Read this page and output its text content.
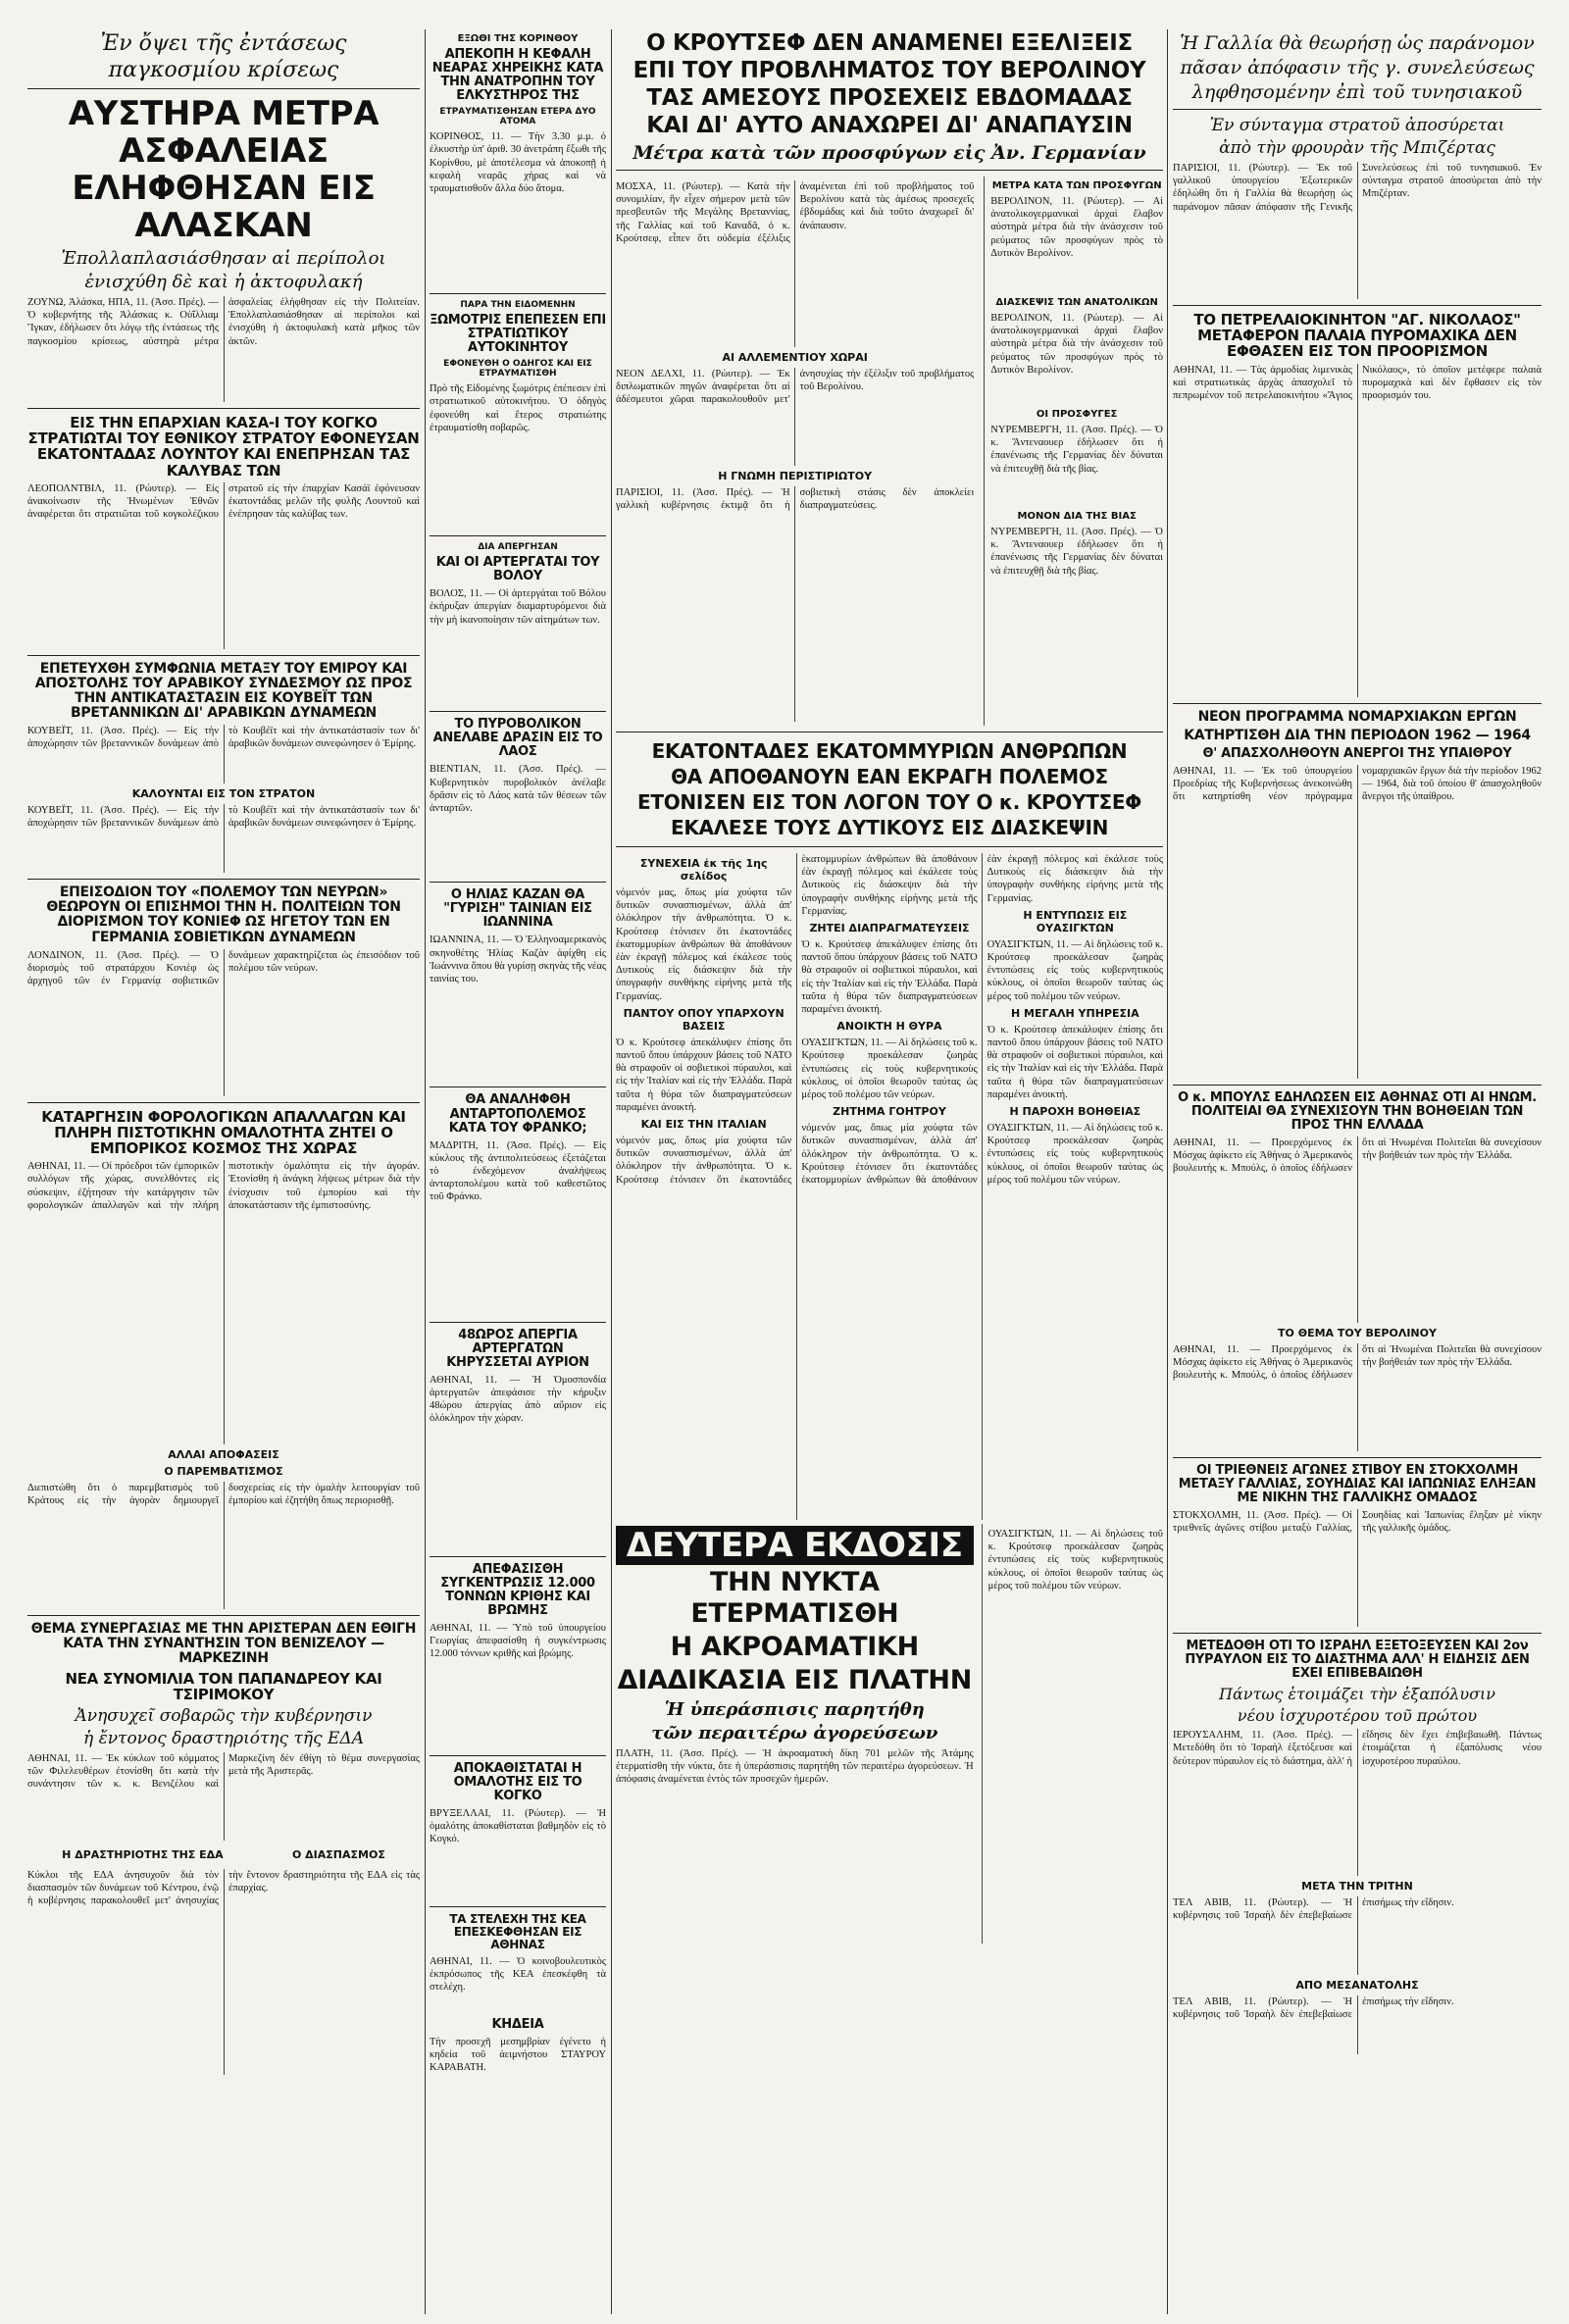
Ἐν ὄψει τῆς ἐντάσεως
παγκοσμίου κρίσεως
ΑΥΣΤΗΡΑ ΜΕΤΡΑ ΑΣΦΑΛΕΙΑΣ ΕΛΗΦΘΗΣΑΝ ΕΙΣ ΑΛΑΣΚΑΝ
Ἐπολλαπλασιάσθησαν αἱ περίπολοι
ἐνισχύθη δὲ καὶ ἡ ἀκτοφυλακή
ΖΟΥΝΩ, Ἀλάσκα, ΗΠΑ, 11. (Ἀσσ. Πρές). — Ὁ κυβερνήτης τῆς Ἀλάσκας κ. Οὐΐλλιαμ Ἴγκαν, ἐδήλωσεν ὅτι λόγῳ τῆς ἐντάσεως τῆς παγκοσμίου κρίσεως, αὐστηρὰ μέτρα ἀσφαλείας ἐλήφθησαν εἰς τὴν Πολιτείαν. Ἐπολλαπλασιάσθησαν αἱ περίπολοι καὶ ἐνισχύθη ἡ ἀκτοφυλακὴ κατὰ μῆκος τῶν ἀκτῶν.
ΕΙΣ ΤΗΝ ΕΠΑΡΧΙΑΝ ΚΑΣΑ-Ι ΤΟΥ ΚΟΓΚΟ ΣΤΡΑΤΙΩΤΑΙ ΤΟΥ ΕΘΝΙΚΟΥ ΣΤΡΑΤΟΥ ΕΦΟΝΕΥΣΑΝ ΕΚΑΤΟΝΤΑΔΑΣ ΛΟΥΝΤΟΥ ΚΑΙ ΕΝΕΠΡΗΣΑΝ ΤΑΣ ΚΑΛΥΒΑΣ ΤΩΝ
ΛΕΟΠΟΛΝΤΒΙΛ, 11. (Ρώυτερ). — Εἰς ἀνακοίνωσιν τῆς Ἡνωμένων Ἐθνῶν ἀναφέρεται ὅτι στρατιῶται τοῦ κογκολέζικου στρατοῦ εἰς τὴν ἐπαρχίαν Κασάϊ ἐφόνευσαν ἑκατοντάδας μελῶν τῆς φυλῆς Λουντοῦ καὶ ἐνέπρησαν τὰς καλύβας των.
ΕΠΕΤΕΥΧΘΗ ΣΥΜΦΩΝΙΑ ΜΕΤΑΞΥ ΤΟΥ ΕΜΙΡΟΥ ΚΑΙ ΑΠΟΣΤΟΛΗΣ ΤΟΥ ΑΡΑΒΙΚΟΥ ΣΥΝΔΕΣΜΟΥ ΩΣ ΠΡΟΣ ΤΗΝ ΑΝΤΙΚΑΤΑΣΤΑΣΙΝ ΕΙΣ ΚΟΥΒΕΪΤ ΤΩΝ ΒΡΕΤΑΝΝΙΚΩΝ ΔΙ' ΑΡΑΒΙΚΩΝ ΔΥΝΑΜΕΩΝ
ΚΟΥΒΕΪΤ, 11. (Ἀσσ. Πρές). — Εἰς τὴν ἀποχώρησιν τῶν βρεταννικῶν δυνάμεων ἀπὸ τὸ Κουβέϊτ καὶ τὴν ἀντικατάστασίν των δι' ἀραβικῶν δυνάμεων συνεφώνησεν ὁ Ἐμίρης.
ΚΑΛΟΥΝΤΑΙ ΕΙΣ ΤΟΝ ΣΤΡΑΤΟΝ
ΚΟΥΒΕΪΤ, 11. (Ἀσσ. Πρές). — Εἰς τὴν ἀποχώρησιν τῶν βρεταννικῶν δυνάμεων ἀπὸ τὸ Κουβέϊτ καὶ τὴν ἀντικατάστασίν των δι' ἀραβικῶν δυνάμεων συνεφώνησεν ὁ Ἐμίρης.
ΕΠΕΙΣΟΔΙΟΝ ΤΟΥ «ΠΟΛΕΜΟΥ ΤΩΝ ΝΕΥΡΩΝ» ΘΕΩΡΟΥΝ ΟΙ ΕΠΙΣΗΜΟΙ ΤΗΝ Η. ΠΟΛΙΤΕΙΩΝ ΤΟΝ ΔΙΟΡΙΣΜΟΝ ΤΟΥ ΚΟΝΙΕΦ ΩΣ ΗΓΕΤΟΥ ΤΩΝ ΕΝ ΓΕΡΜΑΝΙΑ ΣΟΒΙΕΤΙΚΩΝ ΔΥΝΑΜΕΩΝ
ΛΟΝΔΙΝΟΝ, 11. (Ἀσσ. Πρές). — Ὁ διορισμὸς τοῦ στρατάρχου Κονιὲφ ὡς ἀρχηγοῦ τῶν ἐν Γερμανίᾳ σοβιετικῶν δυνάμεων χαρακτηρίζεται ὡς ἐπεισόδιον τοῦ πολέμου τῶν νεύρων.
ΚΑΤΑΡΓΗΣΙΝ ΦΟΡΟΛΟΓΙΚΩΝ ΑΠΑΛΛΑΓΩΝ ΚΑΙ ΠΛΗΡΗ ΠΙΣΤΟΤΙΚΗΝ ΟΜΑΛΟΤΗΤΑ ΖΗΤΕΙ Ο ΕΜΠΟΡΙΚΟΣ ΚΟΣΜΟΣ ΤΗΣ ΧΩΡΑΣ
ΑΘΗΝΑΙ, 11. — Οἱ πρόεδροι τῶν ἐμπορικῶν συλλόγων τῆς χώρας, συνελθόντες εἰς σύσκεψιν, ἐζήτησαν τὴν κατάργησιν τῶν φορολογικῶν ἀπαλλαγῶν καὶ τὴν πλήρη πιστοτικὴν ὁμαλότητα εἰς τὴν ἀγοράν. Ἐτονίσθη ἡ ἀνάγκη λήψεως μέτρων διὰ τὴν ἐνίσχυσιν τοῦ ἐμπορίου καὶ τὴν ἀποκατάστασιν τῆς ἐμπιστοσύνης.
ΑΛΛΑΙ ΑΠΟΦΑΣΕΙΣ
Ο ΠΑΡΕΜΒΑΤΙΣΜΟΣ
Διεπιστώθη ὅτι ὁ παρεμβατισμὸς τοῦ Κράτους εἰς τὴν ἀγορὰν δημιουργεῖ δυσχερείας εἰς τὴν ὁμαλὴν λειτουργίαν τοῦ ἐμπορίου καὶ ἐζητήθη ὅπως περιορισθῇ.
ΘΕΜΑ ΣΥΝΕΡΓΑΣΙΑΣ ΜΕ ΤΗΝ ΑΡΙΣΤΕΡΑΝ ΔΕΝ ΕΘΙΓΗ ΚΑΤΑ ΤΗΝ ΣΥΝΑΝΤΗΣΙΝ ΤΟΝ ΒΕΝΙΖΕΛΟΥ — ΜΑΡΚΕΖΙΝΗ
ΝΕΑ ΣΥΝΟΜΙΛΙΑ ΤΟΝ ΠΑΠΑΝΔΡΕΟΥ ΚΑΙ ΤΣΙΡΙΜΟΚΟΥ
Ἀνησυχεῖ σοβαρῶς τὴν κυβέρνησιν
ἡ ἔντονος δραστηριότης τῆς ΕΔΑ
ΑΘΗΝΑΙ, 11. — Ἐκ κύκλων τοῦ κόμματος τῶν Φιλελευθέρων ἐτονίσθη ὅτι κατὰ τὴν συνάντησιν τῶν κ. κ. Βενιζέλου καὶ Μαρκεζίνη δὲν ἐθίγη τὸ θέμα συνεργασίας μετὰ τῆς Ἀριστερᾶς.
Η ΔΡΑΣΤΗΡΙΟΤΗΣ ΤΗΣ ΕΔΑ	Ο ΔΙΑΣΠΑΣΜΟΣ
Κύκλοι τῆς ΕΔΑ ἀνησυχοῦν διὰ τὸν διασπασμὸν τῶν δυνάμεων τοῦ Κέντρου, ἐνῷ ἡ κυβέρνησις παρακολουθεῖ μετ' ἀνησυχίας τὴν ἔντονον δραστηριότητα τῆς ΕΔΑ εἰς τὰς ἐπαρχίας.
ΕΞΩΘΙ ΤΗΣ ΚΟΡΙΝΘΟΥ
ΑΠΕΚΟΠΗ Η ΚΕΦΑΛΗ ΝΕΑΡΑΣ ΧΗΡΕΙΚΗΣ ΚΑΤΑ ΤΗΝ ΑΝΑΤΡΟΠΗΝ ΤΟΥ ΕΛΚΥΣΤΗΡΟΣ ΤΗΣ
ΕΤΡΑΥΜΑΤΙΣΘΗΣΑΝ ΕΤΕΡΑ ΔΥΟ ΑΤΟΜΑ
ΚΟΡΙΝΘΟΣ, 11. — Τὴν 3.30 μ.μ. ὁ ἐλκυστὴρ ὑπ' ἀριθ. 30 ἀνετράπη ἔξωθι τῆς Κορίνθου, μὲ ἀποτέλεσμα νὰ ἀποκοπῇ ἡ κεφαλὴ νεαρᾶς χήρας καὶ νὰ τραυματισθοῦν ἄλλα δύο ἄτομα.
ΠΑΡΑ ΤΗΝ ΕΙΔΟΜΕΝΗΝ
ΞΩΜΟΤΡΙΣ ΕΠΕΠΕΣΕΝ ΕΠΙ ΣΤΡΑΤΙΩΤΙΚΟΥ ΑΥΤΟΚΙΝΗΤΟΥ
ΕΦΟΝΕΥΘΗ Ο ΟΔΗΓΟΣ ΚΑΙ ΕΙΣ ΕΤΡΑΥΜΑΤΙΣΘΗ
Πρὸ τῆς Εἰδομένης ξωμότρις ἐπέπεσεν ἐπὶ στρατιωτικοῦ αὐτοκινήτου. Ὁ ὁδηγὸς ἐφονεύθη καὶ ἕτερος στρατιώτης ἐτραυματίσθη σοβαρῶς.
ΔΙΑ ΑΠΕΡΓΗΣΑΝ
ΚΑΙ ΟΙ ΑΡΤΕΡΓΑΤΑΙ ΤΟΥ ΒΟΛΟΥ
ΒΟΛΟΣ, 11. — Οἱ ἀρτεργάται τοῦ Βόλου ἐκήρυξαν ἀπεργίαν διαμαρτυρόμενοι διὰ τὴν μὴ ἱκανοποίησιν τῶν αἰτημάτων των.
ΤΟ ΠΥΡΟΒΟΛΙΚΟΝ ΑΝΕΛΑΒΕ ΔΡΑΣΙΝ ΕΙΣ ΤΟ ΛΑΟΣ
ΒΙΕΝΤΙΑΝ, 11. (Ἀσσ. Πρές). — Κυβερνητικὸν πυροβολικὸν ἀνέλαβε δρᾶσιν εἰς τὸ Λάος κατὰ τῶν θέσεων τῶν ἀνταρτῶν.
Ο ΗΛΙΑΣ ΚΑΖΑΝ ΘΑ "ΓΥΡΙΣΗ" ΤΑΙΝΙΑΝ ΕΙΣ ΙΩΑΝΝΙΝΑ
ΙΩΑΝΝΙΝΑ, 11. — Ὁ Ἑλληνοαμερικανὸς σκηνοθέτης Ἠλίας Καζὰν ἀφίχθη εἰς Ἰωάννινα ὅπου θὰ γυρίσῃ σκηνὰς τῆς νέας ταινίας του.
ΘΑ ΑΝΑΛΗΦΘΗ ΑΝΤΑΡΤΟΠΟΛΕΜΟΣ ΚΑΤΑ ΤΟΥ ΦΡΑΝΚΟ;
ΜΑΔΡΙΤΗ, 11. (Ἀσσ. Πρές). — Εἰς κύκλους τῆς ἀντιπολιτεύσεως ἐξετάζεται τὸ ἐνδεχόμενον ἀναλήψεως ἀνταρτοπολέμου κατὰ τοῦ καθεστῶτος τοῦ Φράνκο.
48ΩΡΟΣ ΑΠΕΡΓΙΑ ΑΡΤΕΡΓΑΤΩΝ ΚΗΡΥΣΣΕΤΑΙ ΑΥΡΙΟΝ
ΑΘΗΝΑΙ, 11. — Ἡ Ὁμοσπονδία ἀρτεργατῶν ἀπεφάσισε τὴν κήρυξιν 48ώρου ἀπεργίας ἀπὸ αὔριον εἰς ὁλόκληρον τὴν χώραν.
ΑΠΕΦΑΣΙΣΘΗ ΣΥΓΚΕΝΤΡΩΣΙΣ 12.000 ΤΟΝΝΩΝ ΚΡΙΘΗΣ ΚΑΙ ΒΡΩΜΗΣ
ΑΘΗΝΑΙ, 11. — Ὑπὸ τοῦ ὑπουργείου Γεωργίας ἀπεφασίσθη ἡ συγκέντρωσις 12.000 τόννων κριθῆς καὶ βρώμης.
ΑΠΟΚΑΘΙΣΤΑΤΑΙ Η ΟΜΑΛΟΤΗΣ ΕΙΣ ΤΟ ΚΟΓΚΟ
ΒΡΥΞΕΛΛΑΙ, 11. (Ρώυτερ). — Ἡ ὁμαλότης ἀποκαθίσταται βαθμηδὸν εἰς τὸ Κογκό.
ΤΑ ΣΤΕΛΕΧΗ ΤΗΣ ΚΕΑ ΕΠΕΣΚΕΦΘΗΣΑΝ ΕΙΣ ΑΘΗΝΑΣ
ΑΘΗΝΑΙ, 11. — Ὁ κοινοβουλευτικὸς ἐκπρόσωπος τῆς ΚΕΑ ἐπεσκέφθη τὰ στελέχη.
ΚΗΔΕΙΑ
Τὴν προσεχῆ μεσημβρίαν ἐγένετο ἡ κηδεία τοῦ ἀειμνήστου ΣΤΑΥΡΟΥ ΚΑΡΑΒΑΤΗ.
Ο ΚΡΟΥΤΣΕΦ ΔΕΝ ΑΝΑΜΕΝΕΙ ΕΞΕΛΙΞΕΙΣ
ΕΠΙ ΤΟΥ ΠΡΟΒΛΗΜΑΤΟΣ ΤΟΥ ΒΕΡΟΛΙΝΟΥ
ΤΑΣ ΑΜΕΣΟΥΣ ΠΡΟΣΕΧΕΙΣ ΕΒΔΟΜΑΔΑΣ
ΚΑΙ ΔΙ' ΑΥΤΟ ΑΝΑΧΩΡΕΙ ΔΙ' ΑΝΑΠΑΥΣΙΝ
Μέτρα κατὰ τῶν προσφύγων εἰς Ἀν. Γερμανίαν
ΜΟΣΧΑ, 11. (Ρώυτερ). — Κατὰ τὴν συνομιλίαν, ἣν εἶχεν σήμερον μετὰ τῶν πρεσβευτῶν τῆς Μεγάλης Βρεταννίας, τῆς Γαλλίας καὶ τοῦ Καναδᾶ, ὁ κ. Κρούτσεφ, εἶπεν ὅτι οὐδεμία ἐξέλιξις ἀναμένεται ἐπὶ τοῦ προβλήματος τοῦ Βερολίνου κατὰ τὰς ἀμέσως προσεχεῖς ἑβδομάδας καὶ διὰ τοῦτο ἀναχωρεῖ δι' ἀνάπαυσιν.
ΑΙ ΑΛΛΕΜΕΝΤΙΟΥ ΧΩΡΑΙ
ΝΕΟΝ ΔΕΛΧΙ, 11. (Ρώυτερ). — Ἐκ διπλωματικῶν πηγῶν ἀναφέρεται ὅτι αἱ ἀδέσμευτοι χῶραι παρακολουθοῦν μετ' ἀνησυχίας τὴν ἐξέλιξιν τοῦ προβλήματος τοῦ Βερολίνου.
Η ΓΝΩΜΗ ΠΕΡΙΣΤΙΡΙΩΤΟΥ
ΠΑΡΙΣΙΟΙ, 11. (Ἀσσ. Πρές). — Ἡ γαλλικὴ κυβέρνησις ἐκτιμᾷ ὅτι ἡ σοβιετικὴ στάσις δὲν ἀποκλείει διαπραγματεύσεις.
ΜΕΤΡΑ ΚΑΤΑ ΤΩΝ ΠΡΟΣΦΥΓΩΝ
ΒΕΡΟΛΙΝΟΝ, 11. (Ρώυτερ). — Αἱ ἀνατολικογερμανικαὶ ἀρχαὶ ἔλαβον αὐστηρὰ μέτρα διὰ τὴν ἀνάσχεσιν τοῦ ρεύματος τῶν προσφύγων πρὸς τὸ Δυτικὸν Βερολίνον.
ΔΙΑΣΚΕΨΙΣ ΤΩΝ ΑΝΑΤΟΛΙΚΩΝ
ΒΕΡΟΛΙΝΟΝ, 11. (Ρώυτερ). — Αἱ ἀνατολικογερμανικαὶ ἀρχαὶ ἔλαβον αὐστηρὰ μέτρα διὰ τὴν ἀνάσχεσιν τοῦ ρεύματος τῶν προσφύγων πρὸς τὸ Δυτικὸν Βερολίνον.
ΟΙ ΠΡΟΣΦΥΓΕΣ
ΝΥΡΕΜΒΕΡΓΗ, 11. (Ἀσσ. Πρές). — Ὁ κ. Ἄντεναουερ ἐδήλωσεν ὅτι ἡ ἐπανένωσις τῆς Γερμανίας δὲν δύναται νὰ ἐπιτευχθῇ διὰ τῆς βίας.
ΜΟΝΟΝ ΔΙΑ ΤΗΣ ΒΙΑΣ
ΝΥΡΕΜΒΕΡΓΗ, 11. (Ἀσσ. Πρές). — Ὁ κ. Ἄντεναουερ ἐδήλωσεν ὅτι ἡ ἐπανένωσις τῆς Γερμανίας δὲν δύναται νὰ ἐπιτευχθῇ διὰ τῆς βίας.
ΕΚΑΤΟΝΤΑΔΕΣ ΕΚΑΤΟΜΜΥΡΙΩΝ ΑΝΘΡΩΠΩΝ
ΘΑ ΑΠΟΘΑΝΟΥΝ ΕΑΝ ΕΚΡΑΓΗ ΠΟΛΕΜΟΣ
ΕΤΟΝΙΣΕΝ ΕΙΣ ΤΟΝ ΛΟΓΟΝ ΤΟΥ Ο κ. ΚΡΟΥΤΣΕΦ
ΕΚΑΛΕΣΕ ΤΟΥΣ ΔΥΤΙΚΟΥΣ ΕΙΣ ΔΙΑΣΚΕΨΙΝ
ΣΥΝΕΧΕΙΑ ἐκ τῆς 1ης σελίδος
νόμενόν μας, ὅπως μία χούφτα τῶν δυτικῶν συνασπισμένων, ἀλλὰ ἀπ' ὁλόκληρον τὴν ἀνθρωπότητα. Ὁ κ. Κρούτσεφ ἐτόνισεν ὅτι ἑκατοντάδες ἑκατομμυρίων ἀνθρώπων θὰ ἀποθάνουν ἐὰν ἐκραγῇ πόλεμος καὶ ἐκάλεσε τοὺς Δυτικοὺς εἰς διάσκεψιν διὰ τὴν ὑπογραφὴν συνθήκης εἰρήνης μετὰ τῆς Γερμανίας.
ΠΑΝΤΟΥ ΟΠΟΥ ΥΠΑΡΧΟΥΝ ΒΑΣΕΙΣ
Ὁ κ. Κρούτσεφ ἀπεκάλυψεν ἐπίσης ὅτι παντοῦ ὅπου ὑπάρχουν βάσεις τοῦ ΝΑΤΟ θὰ στραφοῦν οἱ σοβιετικοὶ πύραυλοι, καὶ εἰς τὴν Ἰταλίαν καὶ εἰς τὴν Ἑλλάδα. Παρὰ ταῦτα ἡ θύρα τῶν διαπραγματεύσεων παραμένει ἀνοικτή.
ΚΑΙ ΕΙΣ ΤΗΝ ΙΤΑΛΙΑΝ
νόμενόν μας, ὅπως μία χούφτα τῶν δυτικῶν συνασπισμένων, ἀλλὰ ἀπ' ὁλόκληρον τὴν ἀνθρωπότητα. Ὁ κ. Κρούτσεφ ἐτόνισεν ὅτι ἑκατοντάδες ἑκατομμυρίων ἀνθρώπων θὰ ἀποθάνουν ἐὰν ἐκραγῇ πόλεμος καὶ ἐκάλεσε τοὺς Δυτικοὺς εἰς διάσκεψιν διὰ τὴν ὑπογραφὴν συνθήκης εἰρήνης μετὰ τῆς Γερμανίας.
ΖΗΤΕΙ ΔΙΑΠΡΑΓΜΑΤΕΥΣΕΙΣ
Ὁ κ. Κρούτσεφ ἀπεκάλυψεν ἐπίσης ὅτι παντοῦ ὅπου ὑπάρχουν βάσεις τοῦ ΝΑΤΟ θὰ στραφοῦν οἱ σοβιετικοὶ πύραυλοι, καὶ εἰς τὴν Ἰταλίαν καὶ εἰς τὴν Ἑλλάδα. Παρὰ ταῦτα ἡ θύρα τῶν διαπραγματεύσεων παραμένει ἀνοικτή.
ΑΝΟΙΚΤΗ Η ΘΥΡΑ
ΟΥΑΣΙΓΚΤΩΝ, 11. — Αἱ δηλώσεις τοῦ κ. Κρούτσεφ προεκάλεσαν ζωηρὰς ἐντυπώσεις εἰς τοὺς κυβερνητικοὺς κύκλους, οἱ ὁποῖοι θεωροῦν ταύτας ὡς μέρος τοῦ πολέμου τῶν νεύρων.
ΖΗΤΗΜΑ ΓΟΗΤΡΟΥ
νόμενόν μας, ὅπως μία χούφτα τῶν δυτικῶν συνασπισμένων, ἀλλὰ ἀπ' ὁλόκληρον τὴν ἀνθρωπότητα. Ὁ κ. Κρούτσεφ ἐτόνισεν ὅτι ἑκατοντάδες ἑκατομμυρίων ἀνθρώπων θὰ ἀποθάνουν ἐὰν ἐκραγῇ πόλεμος καὶ ἐκάλεσε τοὺς Δυτικοὺς εἰς διάσκεψιν διὰ τὴν ὑπογραφὴν συνθήκης εἰρήνης μετὰ τῆς Γερμανίας.
Η ΕΝΤΥΠΩΣΙΣ ΕΙΣ ΟΥΑΣΙΓΚΤΩΝ
ΟΥΑΣΙΓΚΤΩΝ, 11. — Αἱ δηλώσεις τοῦ κ. Κρούτσεφ προεκάλεσαν ζωηρὰς ἐντυπώσεις εἰς τοὺς κυβερνητικοὺς κύκλους, οἱ ὁποῖοι θεωροῦν ταύτας ὡς μέρος τοῦ πολέμου τῶν νεύρων.
Η ΜΕΓΑΛΗ ΥΠΗΡΕΣΙΑ
Ὁ κ. Κρούτσεφ ἀπεκάλυψεν ἐπίσης ὅτι παντοῦ ὅπου ὑπάρχουν βάσεις τοῦ ΝΑΤΟ θὰ στραφοῦν οἱ σοβιετικοὶ πύραυλοι, καὶ εἰς τὴν Ἰταλίαν καὶ εἰς τὴν Ἑλλάδα. Παρὰ ταῦτα ἡ θύρα τῶν διαπραγματεύσεων παραμένει ἀνοικτή.
Η ΠΑΡΟΧΗ ΒΟΗΘΕΙΑΣ
ΟΥΑΣΙΓΚΤΩΝ, 11. — Αἱ δηλώσεις τοῦ κ. Κρούτσεφ προεκάλεσαν ζωηρὰς ἐντυπώσεις εἰς τοὺς κυβερνητικοὺς κύκλους, οἱ ὁποῖοι θεωροῦν ταύτας ὡς μέρος τοῦ πολέμου τῶν νεύρων.
ΔΕΥΤΕΡΑ ΕΚΔΟΣΙΣ
ΤΗΝ ΝΥΚΤΑ ΕΤΕΡΜΑΤΙΣΘΗ
Η ΑΚΡΟΑΜΑΤΙΚΗ
ΔΙΑΔΙΚΑΣΙΑ ΕΙΣ ΠΛΑΤΗΝ
Ἡ ὑπεράσπισις παρητήθη
τῶν περαιτέρω ἀγορεύσεων
ΠΛΑΤΗ, 11. (Ἀσσ. Πρές). — Ἡ ἀκροαματικὴ δίκη 701 μελῶν τῆς Ἀτάμης ἐτερματίσθη τὴν νύκτα, ὅτε ἡ ὑπεράσπισις παρητήθη τῶν περαιτέρω ἀγορεύσεων. Ἡ ἀπόφασις ἀναμένεται ἐντὸς τῶν προσεχῶν ἡμερῶν.
ΟΥΑΣΙΓΚΤΩΝ, 11. — Αἱ δηλώσεις τοῦ κ. Κρούτσεφ προεκάλεσαν ζωηρὰς ἐντυπώσεις εἰς τοὺς κυβερνητικοὺς κύκλους, οἱ ὁποῖοι θεωροῦν ταύτας ὡς μέρος τοῦ πολέμου τῶν νεύρων.
Ἡ Γαλλία θὰ θεωρήσῃ ὡς παράνομον
πᾶσαν ἀπόφασιν τῆς γ. συνελεύσεως
ληφθησομένην ἐπὶ τοῦ τυνησιακοῦ
Ἐν σύνταγμα στρατοῦ ἀποσύρεται
ἀπὸ τὴν φρουρὰν τῆς Μπιζέρτας
ΠΑΡΙΣΙΟΙ, 11. (Ρώυτερ). — Ἐκ τοῦ γαλλικοῦ ὑπουργείου Ἐξωτερικῶν ἐδηλώθη ὅτι ἡ Γαλλία θὰ θεωρήσῃ ὡς παράνομον πᾶσαν ἀπόφασιν τῆς Γενικῆς Συνελεύσεως ἐπὶ τοῦ τυνησιακοῦ. Ἐν σύνταγμα στρατοῦ ἀποσύρεται ἀπὸ τὴν Μπιζέρταν.
ΤΟ ΠΕΤΡΕΛΑΙΟΚΙΝΗΤΟΝ "ΑΓ. ΝΙΚΟΛΑΟΣ" ΜΕΤΑΦΕΡΟΝ ΠΑΛΑΙΑ ΠΥΡΟΜΑΧΙΚΑ ΔΕΝ ΕΦΘΑΣΕΝ ΕΙΣ ΤΟΝ ΠΡΟΟΡΙΣΜΟΝ
ΑΘΗΝΑΙ, 11. — Τὰς ἀρμοδίας λιμενικὰς καὶ στρατιωτικὰς ἀρχὰς ἀπασχολεῖ τὸ πεπρωμένον τοῦ πετρελαιοκινήτου «Ἅγιος Νικόλαος», τὸ ὁποῖον μετέφερε παλαιὰ πυρομαχικὰ καὶ δὲν ἔφθασεν εἰς τὸν προορισμόν του.
ΝΕΟΝ ΠΡΟΓΡΑΜΜΑ ΝΟΜΑΡΧΙΑΚΩΝ ΕΡΓΩΝ
ΚΑΤΗΡΤΙΣΘΗ ΔΙΑ ΤΗΝ ΠΕΡΙΟΔΟΝ 1962 — 1964
Θ' ΑΠΑΣΧΟΛΗΘΟΥΝ ΑΝΕΡΓΟΙ ΤΗΣ ΥΠΑΙΘΡΟΥ
ΑΘΗΝΑΙ, 11. — Ἐκ τοῦ ὑπουργείου Προεδρίας τῆς Κυβερνήσεως ἀνεκοινώθη ὅτι κατηρτίσθη νέον πρόγραμμα νομαρχιακῶν ἔργων διὰ τὴν περίοδον 1962 — 1964, διὰ τοῦ ὁποίου θ' ἀπασχοληθοῦν ἄνεργοι τῆς ὑπαίθρου.
Ο κ. ΜΠΟΥΛΣ ΕΔΗΛΩΣΕΝ ΕΙΣ ΑΘΗΝΑΣ ΟΤΙ ΑΙ ΗΝΩΜ. ΠΟΛΙΤΕΙΑΙ ΘΑ ΣΥΝΕΧΙΣΟΥΝ ΤΗΝ ΒΟΗΘΕΙΑΝ ΤΩΝ ΠΡΟΣ ΤΗΝ ΕΛΛΑΔΑ
ΑΘΗΝΑΙ, 11. — Προερχόμενος ἐκ Μόσχας ἀφίκετο εἰς Ἀθήνας ὁ Ἀμερικανὸς βουλευτὴς κ. Μπούλς, ὁ ὁποῖος ἐδήλωσεν ὅτι αἱ Ἡνωμέναι Πολιτεῖαι θὰ συνεχίσουν τὴν βοήθειάν των πρὸς τὴν Ἑλλάδα.
ΤΟ ΘΕΜΑ ΤΟΥ ΒΕΡΟΛΙΝΟΥ
ΑΘΗΝΑΙ, 11. — Προερχόμενος ἐκ Μόσχας ἀφίκετο εἰς Ἀθήνας ὁ Ἀμερικανὸς βουλευτὴς κ. Μπούλς, ὁ ὁποῖος ἐδήλωσεν ὅτι αἱ Ἡνωμέναι Πολιτεῖαι θὰ συνεχίσουν τὴν βοήθειάν των πρὸς τὴν Ἑλλάδα.
ΟΙ ΤΡΙΕΘΝΕΙΣ ΑΓΩΝΕΣ ΣΤΙΒΟΥ ΕΝ ΣΤΟΚΧΟΛΜΗ ΜΕΤΑΞΥ ΓΑΛΛΙΑΣ, ΣΟΥΗΔΙΑΣ ΚΑΙ ΙΑΠΩΝΙΑΣ ΕΛΗΞΑΝ ΜΕ ΝΙΚΗΝ ΤΗΣ ΓΑΛΛΙΚΗΣ ΟΜΑΔΟΣ
ΣΤΟΚΧΟΛΜΗ, 11. (Ἀσσ. Πρές). — Οἱ τριεθνεῖς ἀγῶνες στίβου μεταξὺ Γαλλίας, Σουηδίας καὶ Ἰαπωνίας ἔληξαν μὲ νίκην τῆς γαλλικῆς ὁμάδος.
ΜΕΤΕΔΟΘΗ ΟΤΙ ΤΟ ΙΣΡΑΗΛ ΕΞΕΤΟΞΕΥΣΕΝ ΚΑΙ 2ον ΠΥΡΑΥΛΟΝ ΕΙΣ ΤΟ ΔΙΑΣΤΗΜΑ ΑΛΛ' Η ΕΙΔΗΣΙΣ ΔΕΝ ΕΧΕΙ ΕΠΙΒΕΒΑΙΩΘΗ
Πάντως ἑτοιμάζει τὴν ἐξαπόλυσιν
νέου ἰσχυροτέρου τοῦ πρώτου
ΙΕΡΟΥΣΑΛΗΜ, 11. (Ἀσσ. Πρές). — Μετεδόθη ὅτι τὸ Ἰσραὴλ ἐξετόξευσε καὶ δεύτερον πύραυλον εἰς τὸ διάστημα, ἀλλ' ἡ εἴδησις δὲν ἔχει ἐπιβεβαιωθῆ. Πάντως ἑτοιμάζεται ἡ ἐξαπόλυσις νέου ἰσχυροτέρου πυραύλου.
ΜΕΤΑ ΤΗΝ ΤΡΙΤΗΝ
ΤΕΛ ΑΒΙΒ, 11. (Ρώυτερ). — Ἡ κυβέρνησις τοῦ Ἰσραὴλ δὲν ἐπεβεβαίωσε ἐπισήμως τὴν εἴδησιν.
ΑΠΟ ΜΕΣΑΝΑΤΟΛΗΣ
ΤΕΛ ΑΒΙΒ, 11. (Ρώυτερ). — Ἡ κυβέρνησις τοῦ Ἰσραὴλ δὲν ἐπεβεβαίωσε ἐπισήμως τὴν εἴδησιν.
